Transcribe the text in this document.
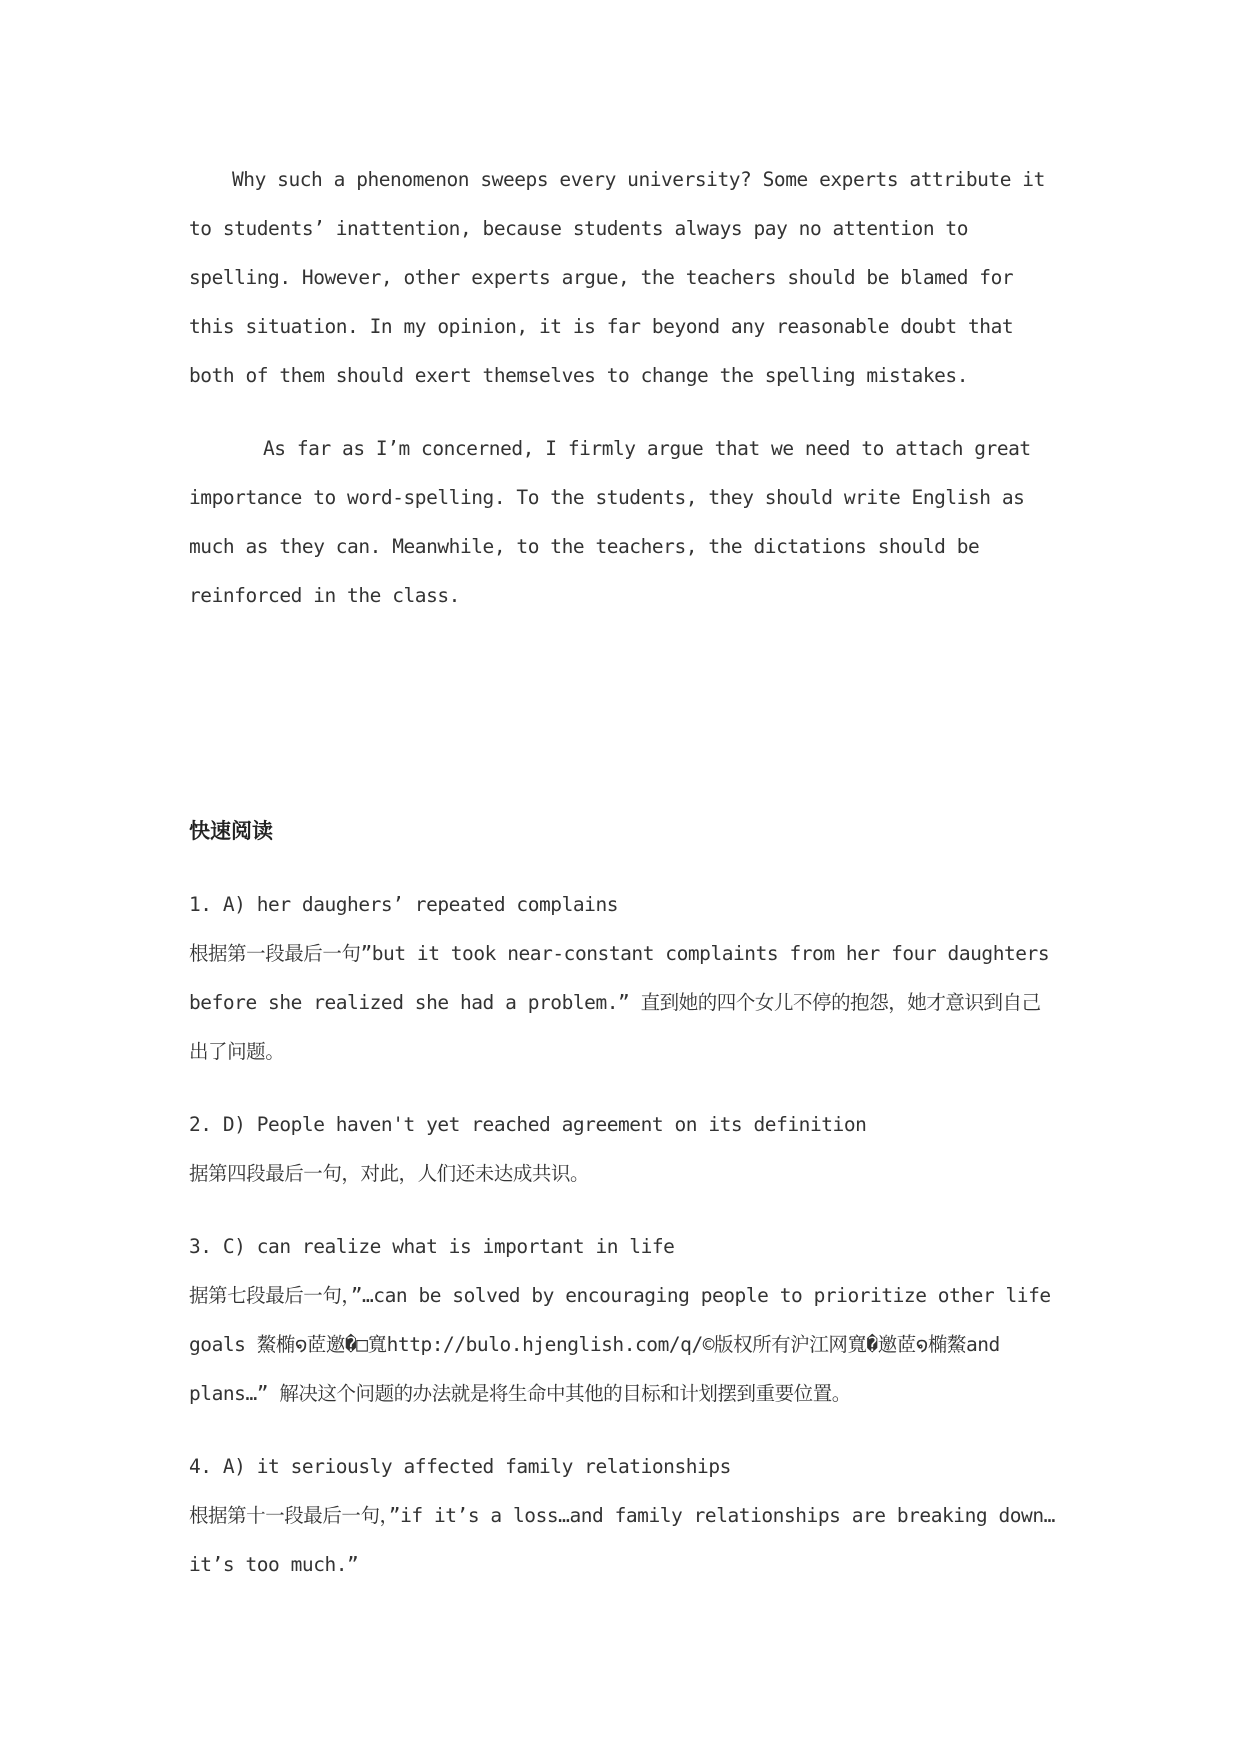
Why such a phenomenon sweeps every university? Some experts attribute it to students’ inattention, because students always pay no attention to spelling. However, other experts argue, the teachers should be blamed for this situation. In my opinion, it is far beyond any reasonable doubt that both of them should exert themselves to change the spelling mistakes.

As far as I’m concerned, I firmly argue that we need to attach great importance to word-spelling. To the students, they should write English as much as they can. Meanwhile, to the teachers, the dictations should be reinforced in the class.

快速阅读

1. A) her daughers’ repeated complains

根据第一段最后一句”but it took near-constant complaints from her four daughters before she realized she had a problem.” 直到她的四个女儿不停的抱怨，她才意识到自己出了问题。

2. D) People haven't yet reached agreement on its definition

据第四段最后一句，对此，人们还未达成共识。

3. C) can realize what is important in life

据第七段最后一句，”…can be solved by encouraging people to prioritize other life goals 鰲椭໑茝邀�□寬http://bulo.hjenglish.com/q/©版权所有沪江网寬�邀茝໑椭鰲and plans…” 解决这个问题的办法就是将生命中其他的目标和计划摆到重要位置。

4. A) it seriously affected family relationships

根据第十一段最后一句，”if it’s a loss…and family relationships are breaking down…it’s too much.”
